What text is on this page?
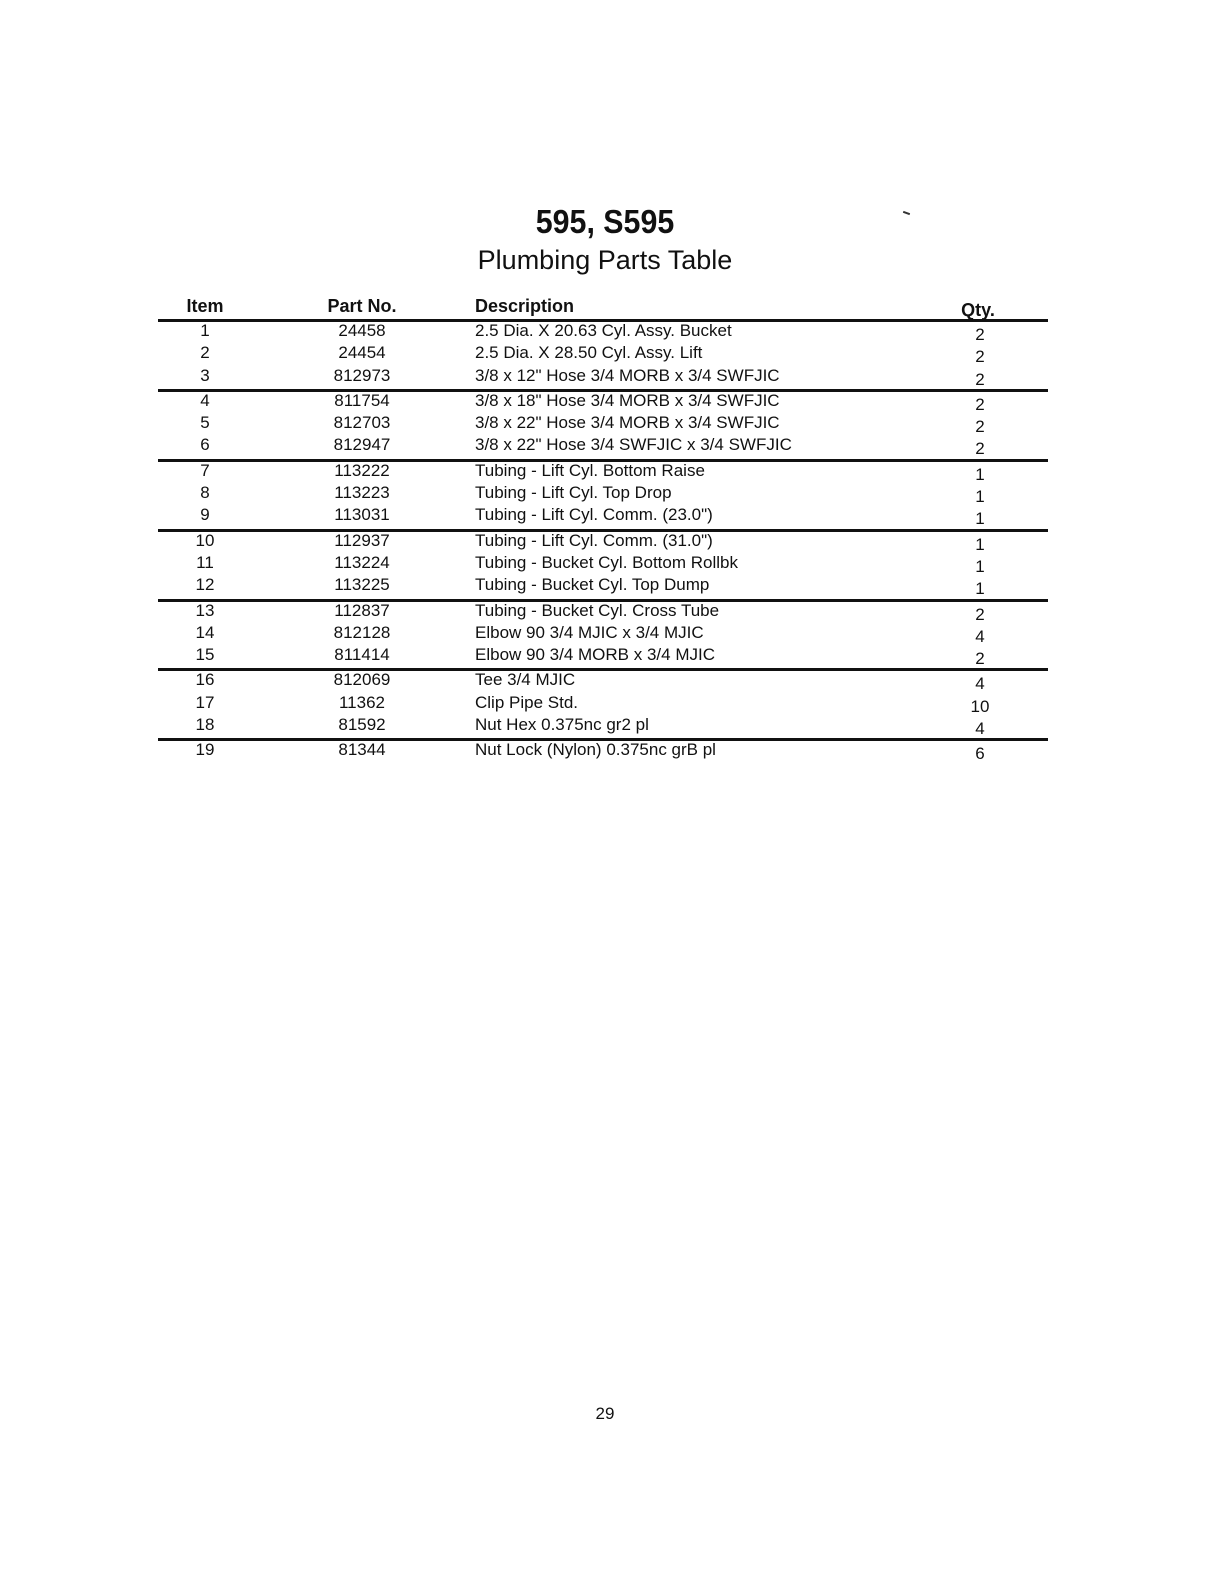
595, S595
Plumbing Parts Table
Item	Part No.	Description	Qty.
1	24458	2.5 Dia. X 20.63 Cyl. Assy. Bucket	2
2	24454	2.5 Dia. X 28.50 Cyl. Assy. Lift	2
3	812973	3/8 x 12" Hose 3/4 MORB x 3/4 SWFJIC	2
4	811754	3/8 x 18" Hose 3/4 MORB x 3/4 SWFJIC	2
5	812703	3/8 x 22" Hose 3/4 MORB x 3/4 SWFJIC	2
6	812947	3/8 x 22" Hose 3/4 SWFJIC x 3/4 SWFJIC	2
7	113222	Tubing - Lift Cyl. Bottom Raise	1
8	113223	Tubing - Lift Cyl. Top Drop	1
9	113031	Tubing - Lift Cyl. Comm. (23.0")	1
10	112937	Tubing - Lift Cyl. Comm. (31.0")	1
11	113224	Tubing - Bucket Cyl. Bottom Rollbk	1
12	113225	Tubing - Bucket Cyl. Top Dump	1
13	112837	Tubing - Bucket Cyl. Cross Tube	2
14	812128	Elbow 90 3/4 MJIC x 3/4 MJIC	4
15	811414	Elbow 90 3/4 MORB x 3/4 MJIC	2
16	812069	Tee 3/4 MJIC	4
17	11362	Clip Pipe Std.	10
18	81592	Nut Hex 0.375nc gr2 pl	4
19	81344	Nut Lock (Nylon) 0.375nc grB pl	6
29
